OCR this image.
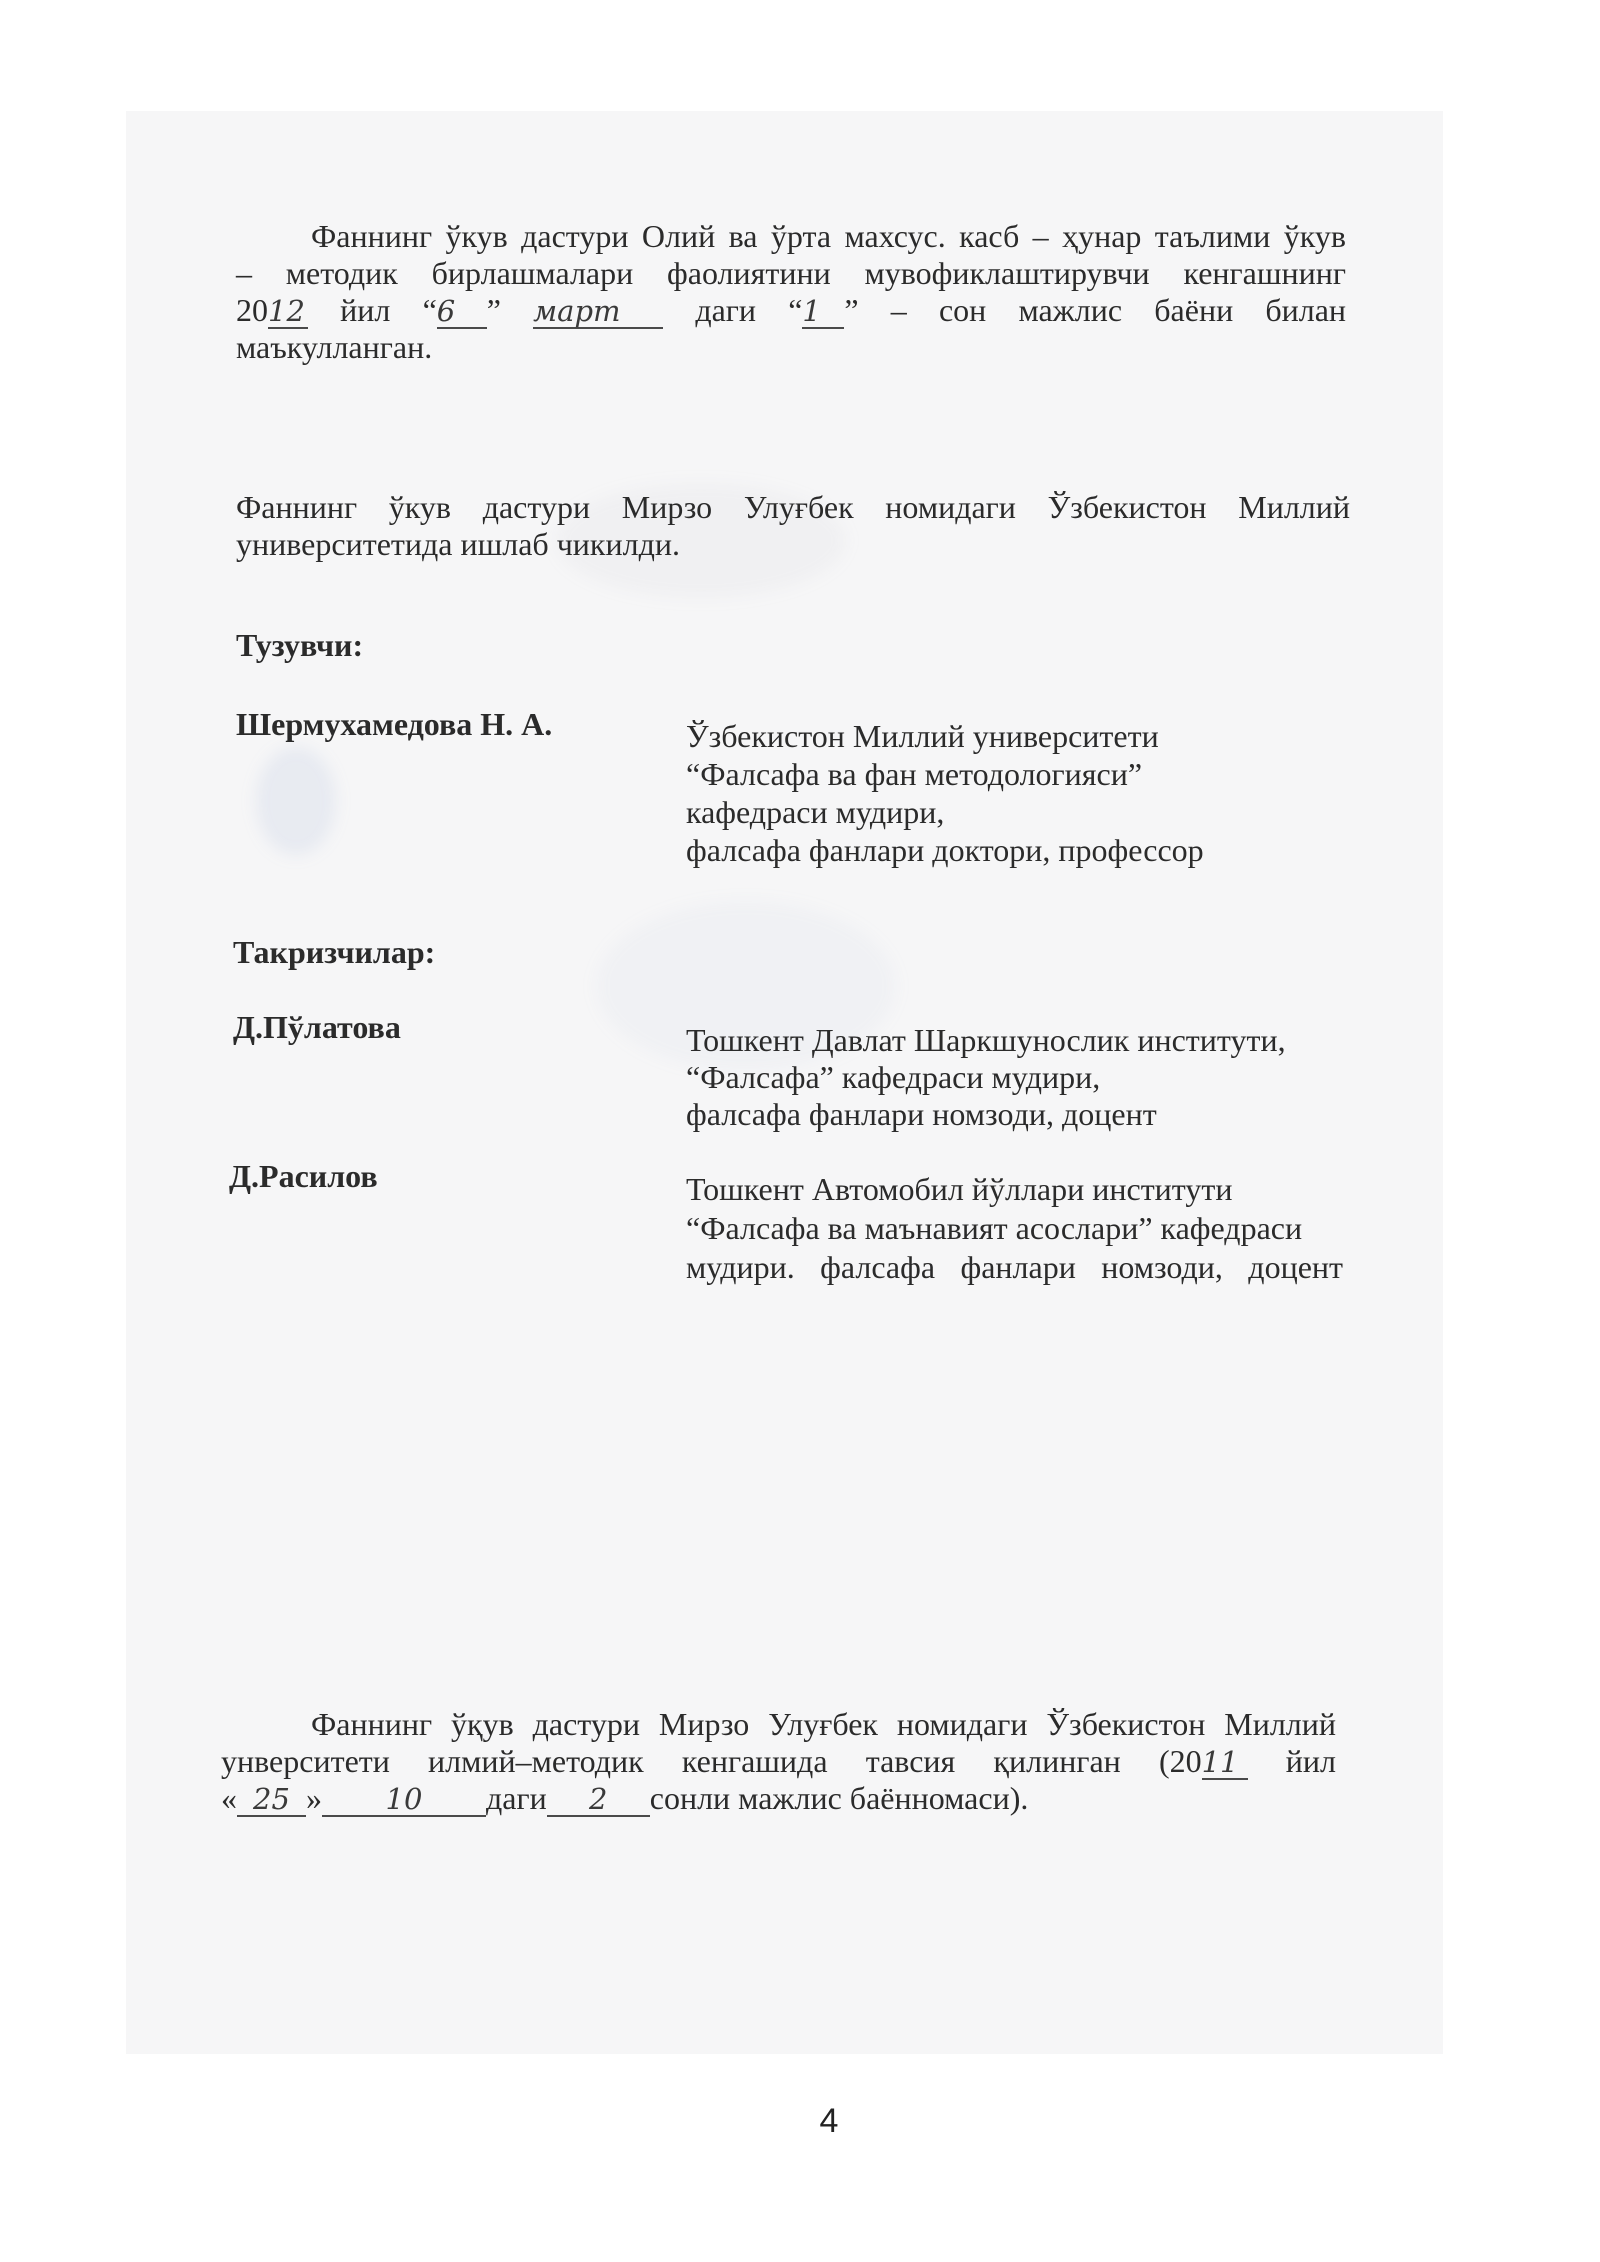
Фаннинг ўкув дастури Олий ва ўрта махсус. касб – ҳунар таълими ўкув
– методик бирлашмалари фаолиятини мувофиклаштирувчи кенгашнинг
2012 йил “6 ” март даги “1 ” – сон мажлис баёни билан
маъкулланган.
Фаннинг ўкув дастури Мирзо Улуғбек номидаги Ўзбекистон Миллий
университетида ишлаб чикилди.
Тузувчи:
Шермухамедова Н. А.	Ўзбекистон Миллий университети
“Фалсафа ва фан методологияси”
кафедраси мудири,
фалсафа фанлари доктори, профессор
Такризчилар:
Д.Пўлатова	Тошкент Давлат Шаркшунослик институти,
“Фалсафа” кафедраси мудири,
фалсафа фанлари номзоди, доцент
Д.Расилов	Тошкент Автомобил йўллари институти
“Фалсафа ва маънавият асослари” кафедраси
мудири. фалсафа фанлари номзоди, доцент
Фаннинг ўқув дастури Мирзо Улуғбек номидаги Ўзбекистон Миллий
унверситети илмий–методик кенгашида тавсия қилинган (2011 йил
« 25 » 10 даги 2 сонли мажлис баённомаси).
4
